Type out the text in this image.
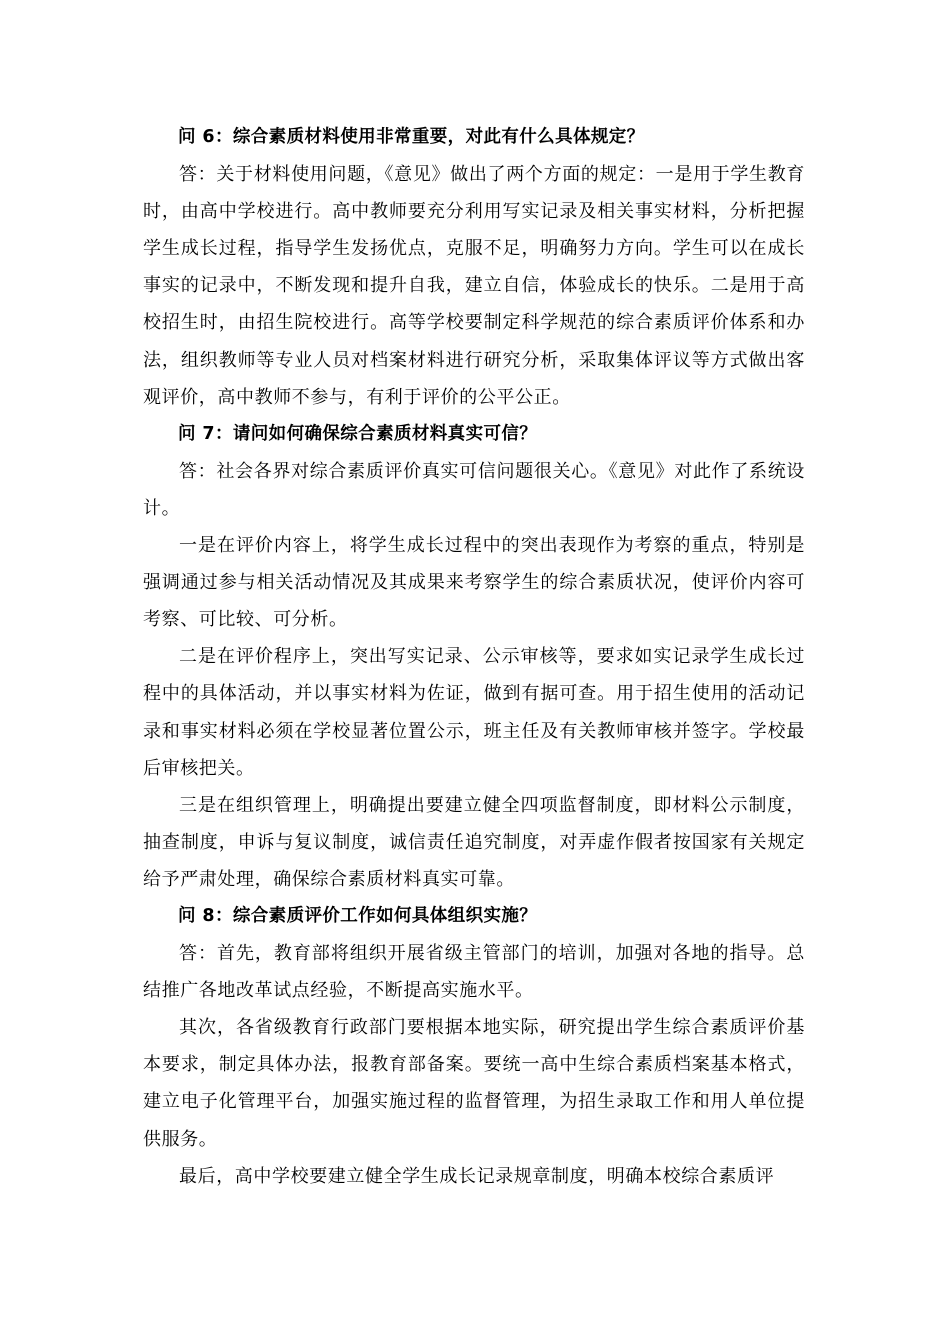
问 6：综合素质材料使用非常重要，对此有什么具体规定？

答：关于材料使用问题，《意见》做出了两个方面的规定：一是用于学生教育时，由高中学校进行。高中教师要充分利用写实记录及相关事实材料，分析把握学生成长过程，指导学生发扬优点，克服不足，明确努力方向。学生可以在成长事实的记录中，不断发现和提升自我，建立自信，体验成长的快乐。二是用于高校招生时，由招生院校进行。高等学校要制定科学规范的综合素质评价体系和办法，组织教师等专业人员对档案材料进行研究分析，采取集体评议等方式做出客观评价，高中教师不参与，有利于评价的公平公正。

问 7：请问如何确保综合素质材料真实可信？

答：社会各界对综合素质评价真实可信问题很关心。《意见》对此作了系统设计。

一是在评价内容上，将学生成长过程中的突出表现作为考察的重点，特别是强调通过参与相关活动情况及其成果来考察学生的综合素质状况，使评价内容可考察、可比较、可分析。

二是在评价程序上，突出写实记录、公示审核等，要求如实记录学生成长过程中的具体活动，并以事实材料为佐证，做到有据可查。用于招生使用的活动记录和事实材料必须在学校显著位置公示，班主任及有关教师审核并签字。学校最后审核把关。

三是在组织管理上，明确提出要建立健全四项监督制度，即材料公示制度，抽查制度，申诉与复议制度，诚信责任追究制度，对弄虚作假者按国家有关规定给予严肃处理，确保综合素质材料真实可靠。

问 8：综合素质评价工作如何具体组织实施？

答：首先，教育部将组织开展省级主管部门的培训，加强对各地的指导。总结推广各地改革试点经验，不断提高实施水平。

其次，各省级教育行政部门要根据本地实际，研究提出学生综合素质评价基本要求，制定具体办法，报教育部备案。要统一高中生综合素质档案基本格式，建立电子化管理平台，加强实施过程的监督管理，为招生录取工作和用人单位提供服务。

最后，高中学校要建立健全学生成长记录规章制度，明确本校综合素质评
